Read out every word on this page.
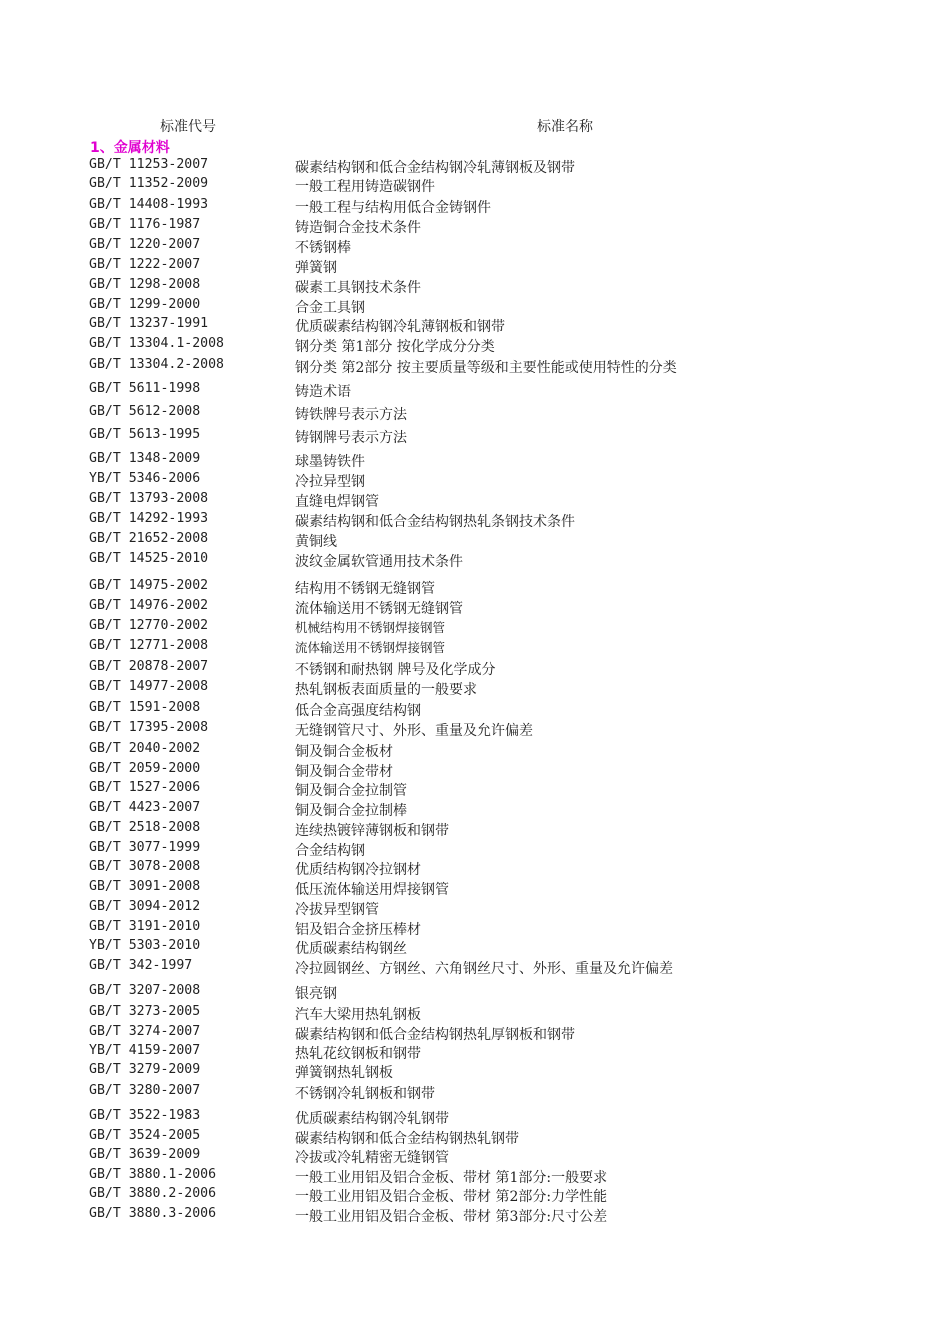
标准代号	标准名称
1、金属材料
GB/T 11253-2007	碳素结构钢和低合金结构钢冷轧薄钢板及钢带
GB/T 11352-2009	一般工程用铸造碳钢件
GB/T 14408-1993	一般工程与结构用低合金铸钢件
GB/T 1176-1987	铸造铜合金技术条件
GB/T 1220-2007	不锈钢棒
GB/T 1222-2007	弹簧钢
GB/T 1298-2008	碳素工具钢技术条件
GB/T 1299-2000	合金工具钢
GB/T 13237-1991	优质碳素结构钢冷轧薄钢板和钢带
GB/T 13304.1-2008	钢分类 第1部分 按化学成分分类
GB/T 13304.2-2008	钢分类 第2部分 按主要质量等级和主要性能或使用特性的分类
GB/T 5611-1998	铸造术语
GB/T 5612-2008	铸铁牌号表示方法
GB/T 5613-1995	铸钢牌号表示方法
GB/T 1348-2009	球墨铸铁件
YB/T 5346-2006	冷拉异型钢
GB/T 13793-2008	直缝电焊钢管
GB/T 14292-1993	碳素结构钢和低合金结构钢热轧条钢技术条件
GB/T 21652-2008	黄铜线
GB/T 14525-2010	波纹金属软管通用技术条件
GB/T 14975-2002	结构用不锈钢无缝钢管
GB/T 14976-2002	流体输送用不锈钢无缝钢管
GB/T 12770-2002	机械结构用不锈钢焊接钢管
GB/T 12771-2008	流体输送用不锈钢焊接钢管
GB/T 20878-2007	不锈钢和耐热钢 牌号及化学成分
GB/T 14977-2008	热轧钢板表面质量的一般要求
GB/T 1591-2008	低合金高强度结构钢
GB/T 17395-2008	无缝钢管尺寸、外形、重量及允许偏差
GB/T 2040-2002	铜及铜合金板材
GB/T 2059-2000	铜及铜合金带材
GB/T 1527-2006	铜及铜合金拉制管
GB/T 4423-2007	铜及铜合金拉制棒
GB/T 2518-2008	连续热镀锌薄钢板和钢带
GB/T 3077-1999	合金结构钢
GB/T 3078-2008	优质结构钢冷拉钢材
GB/T 3091-2008	低压流体输送用焊接钢管
GB/T 3094-2012	冷拔异型钢管
GB/T 3191-2010	铝及铝合金挤压棒材
YB/T 5303-2010	优质碳素结构钢丝
GB/T 342-1997	冷拉圆钢丝、方钢丝、六角钢丝尺寸、外形、重量及允许偏差
GB/T 3207-2008	银亮钢
GB/T 3273-2005	汽车大梁用热轧钢板
GB/T 3274-2007	碳素结构钢和低合金结构钢热轧厚钢板和钢带
YB/T 4159-2007	热轧花纹钢板和钢带
GB/T 3279-2009	弹簧钢热轧钢板
GB/T 3280-2007	不锈钢冷轧钢板和钢带
GB/T 3522-1983	优质碳素结构钢冷轧钢带
GB/T 3524-2005	碳素结构钢和低合金结构钢热轧钢带
GB/T 3639-2009	冷拔或冷轧精密无缝钢管
GB/T 3880.1-2006	一般工业用铝及铝合金板、带材 第1部分:一般要求
GB/T 3880.2-2006	一般工业用铝及铝合金板、带材 第2部分:力学性能
GB/T 3880.3-2006	一般工业用铝及铝合金板、带材 第3部分:尺寸公差
